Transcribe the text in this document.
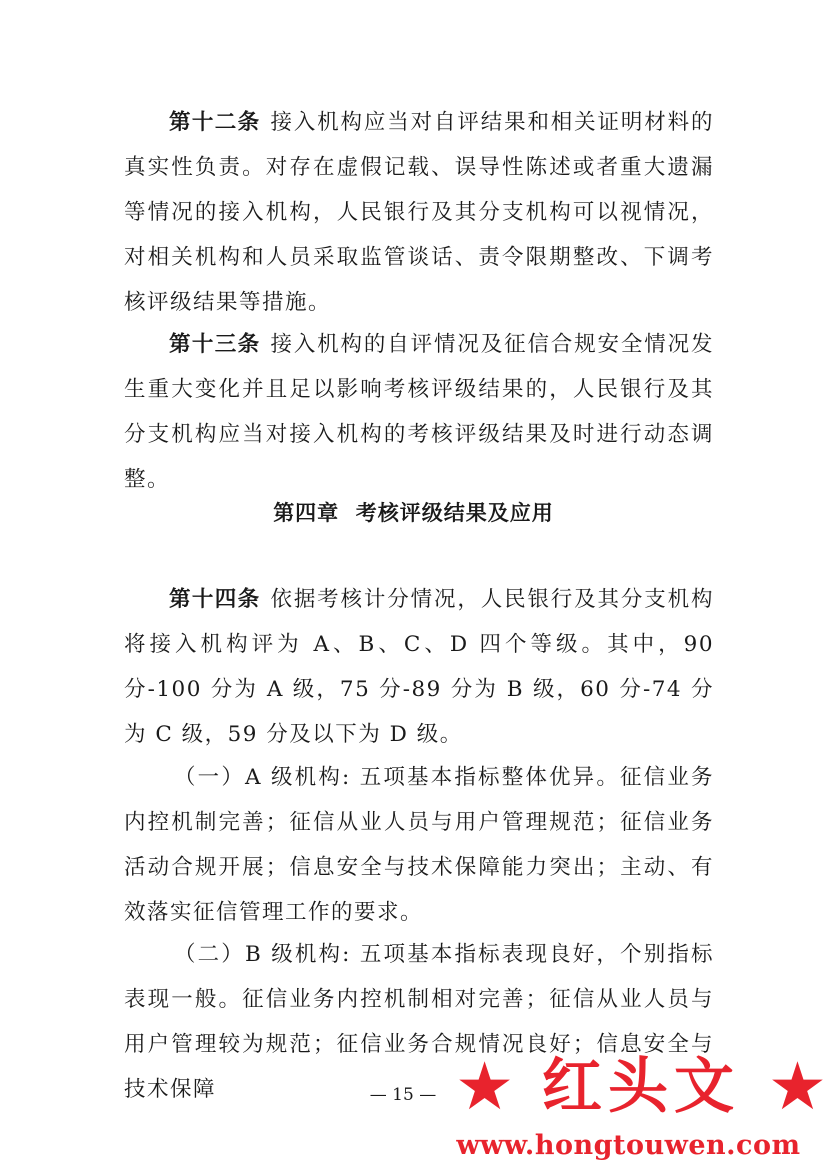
第十二条 接入机构应当对自评结果和相关证明材料的真实性负责。对存在虚假记载、误导性陈述或者重大遗漏等情况的接入机构，人民银行及其分支机构可以视情况，对相关机构和人员采取监管谈话、责令限期整改、下调考核评级结果等措施。

第十三条 接入机构的自评情况及征信合规安全情况发生重大变化并且足以影响考核评级结果的，人民银行及其分支机构应当对接入机构的考核评级结果及时进行动态调整。

第四章  考核评级结果及应用

第十四条 依据考核计分情况，人民银行及其分支机构将接入机构评为 A、B、C、D 四个等级。其中，90 分-100 分为 A 级，75 分-89 分为 B 级，60 分-74 分为 C 级，59 分及以下为 D 级。

（一）A 级机构: 五项基本指标整体优异。征信业务内控机制完善；征信从业人员与用户管理规范；征信业务活动合规开展；信息安全与技术保障能力突出；主动、有效落实征信管理工作的要求。

（二）B 级机构: 五项基本指标表现良好，个别指标表现一般。征信业务内控机制相对完善；征信从业人员与用户管理较为规范；征信业务合规情况良好；信息安全与技术保障	— 15 — ★ 红头文 ★
www.hongtouwen.com
